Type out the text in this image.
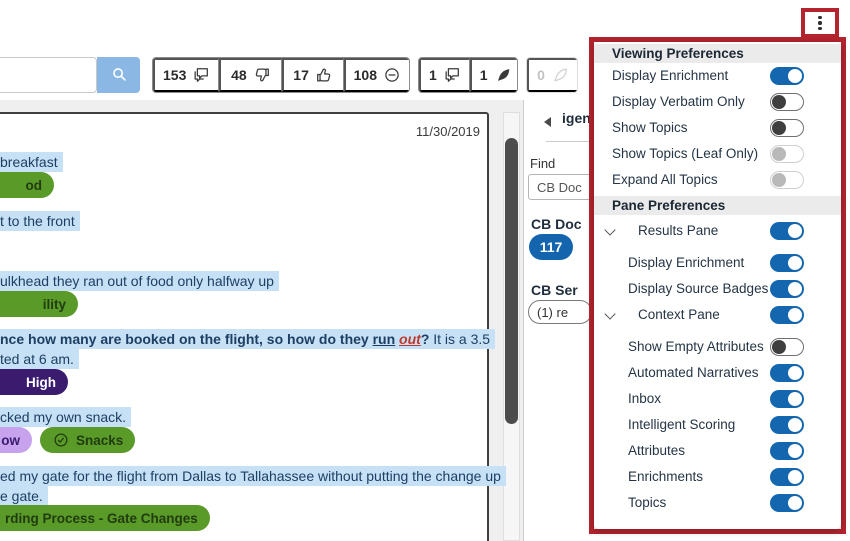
153	48	17	108	1	1	0
11/30/2019
breakfast
od
t to the front
ulkhead they ran out of food only halfway up
ility
nce how many are booked on the flight, so how do they run out? It is a 3.5
ted at 6 am.
High
cked my own snack.
ow	Snacks
ed my gate for the flight from Dallas to Tallahassee without putting the change up
e gate.
rding Process - Gate Changes
igen
Find
CB Doc
CB Doc
117
CB Ser
(1) re
Viewing Preferences
Display Enrichment
Display Verbatim Only
Show Topics
Show Topics (Leaf Only)
Expand All Topics
Pane Preferences
Results Pane
Display Enrichment
Display Source Badges
Context Pane
Show Empty Attributes
Automated Narratives
Inbox
Intelligent Scoring
Attributes
Enrichments
Topics
